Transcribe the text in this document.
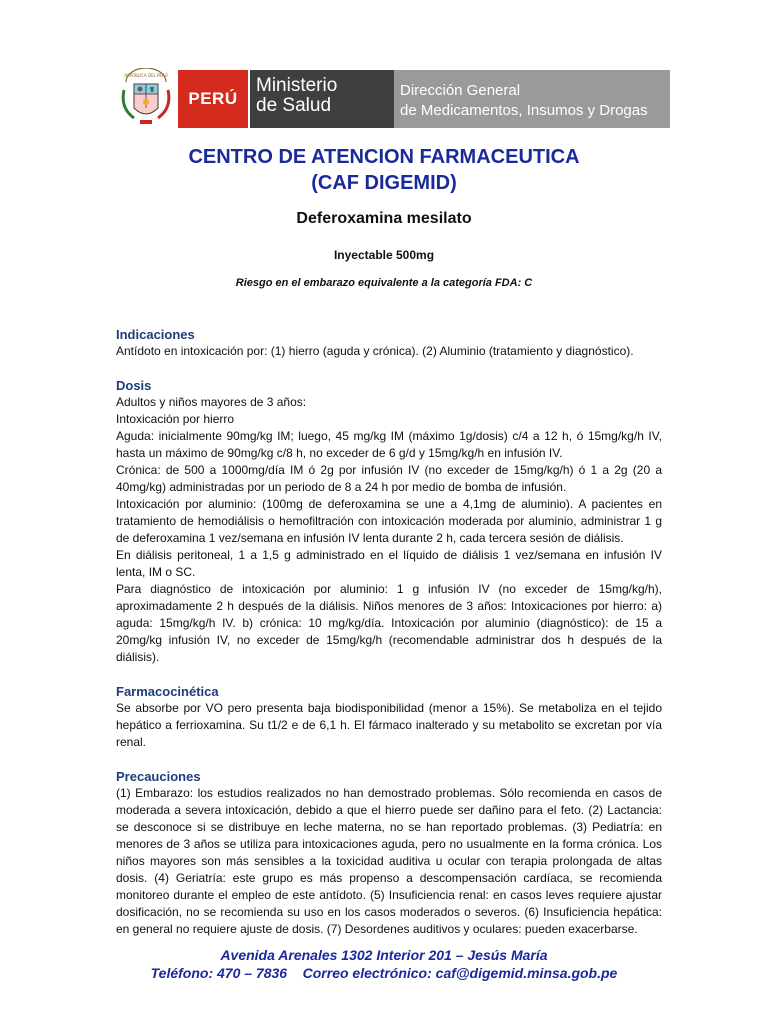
REPÚBLICA DEL PERÚ
PERÚ
Ministerio
de Salud
Dirección General
de Medicamentos, Insumos y Drogas
CENTRO DE ATENCION FARMACEUTICA
(CAF DIGEMID)
Deferoxamina mesilato
Inyectable 500mg
Riesgo en el embarazo equivalente a la categoría FDA: C
Indicaciones

Antídoto en intoxicación por: (1) hierro (aguda y crónica). (2) Aluminio (tratamiento y diagnóstico).

Dosis

Adultos y niños mayores de 3 años:

Intoxicación por hierro

Aguda: inicialmente 90mg/kg IM; luego, 45 mg/kg IM (máximo 1g/dosis) c/4 a 12 h, ó 15mg/kg/h IV, hasta un máximo de 90mg/kg c/8 h, no exceder de 6 g/d y 15mg/kg/h en infusión IV.

Crónica: de 500 a 1000mg/día IM ó 2g por infusión IV (no exceder de 15mg/kg/h) ó 1 a 2g (20 a 40mg/kg) administradas por un periodo de 8 a 24 h por medio de bomba de infusión.

Intoxicación por aluminio: (100mg de deferoxamina se une a 4,1mg de aluminio). A pacientes en tratamiento de hemodiálisis o hemofiltración con intoxicación moderada por aluminio, administrar 1 g de deferoxamina 1 vez/semana en infusión IV lenta durante 2 h, cada tercera sesión de diálisis.

En diálisis peritoneal, 1 a 1,5 g administrado en el líquido de diálisis 1 vez/semana en infusión IV lenta, IM o SC.

Para diagnóstico de intoxicación por aluminio: 1 g infusión IV (no exceder de 15mg/kg/h), aproximadamente 2 h después de la diálisis. Niños menores de 3 años: Intoxicaciones por hierro: a) aguda: 15mg/kg/h IV. b) crónica: 10 mg/kg/día. Intoxicación por aluminio (diagnóstico): de 15 a 20mg/kg infusión IV, no exceder de 15mg/kg/h (recomendable administrar dos h después de la diálisis).

Farmacocinética

Se absorbe por VO pero presenta baja biodisponibilidad (menor a 15%). Se metaboliza en el tejido hepático a ferrioxamina. Su t1/2 e de 6,1 h. El fármaco inalterado y su metabolito se excretan por vía renal.

Precauciones

(1) Embarazo: los estudios realizados no han demostrado problemas. Sólo recomienda en casos de moderada a severa intoxicación, debido a que el hierro puede ser dañino para el feto. (2) Lactancia: se desconoce si se distribuye en leche materna, no se han reportado problemas. (3) Pediatría: en menores de 3 años se utiliza para intoxicaciones aguda, pero no usualmente en la forma crónica. Los niños mayores son más sensibles a la toxicidad auditiva u ocular con terapia prolongada de altas dosis. (4) Geriatría: este grupo es más propenso a descompensación cardíaca, se recomienda monitoreo durante el empleo de este antídoto. (5) Insuficiencia renal: en casos leves requiere ajustar dosificación, no se recomienda su uso en los casos moderados o severos. (6) Insuficiencia hepática: en general no requiere ajuste de dosis. (7) Desordenes auditivos y oculares: pueden exacerbarse.

Avenida Arenales 1302 Interior 201 – Jesús María
Teléfono: 470 – 7836    Correo electrónico: caf@digemid.minsa.gob.pe
